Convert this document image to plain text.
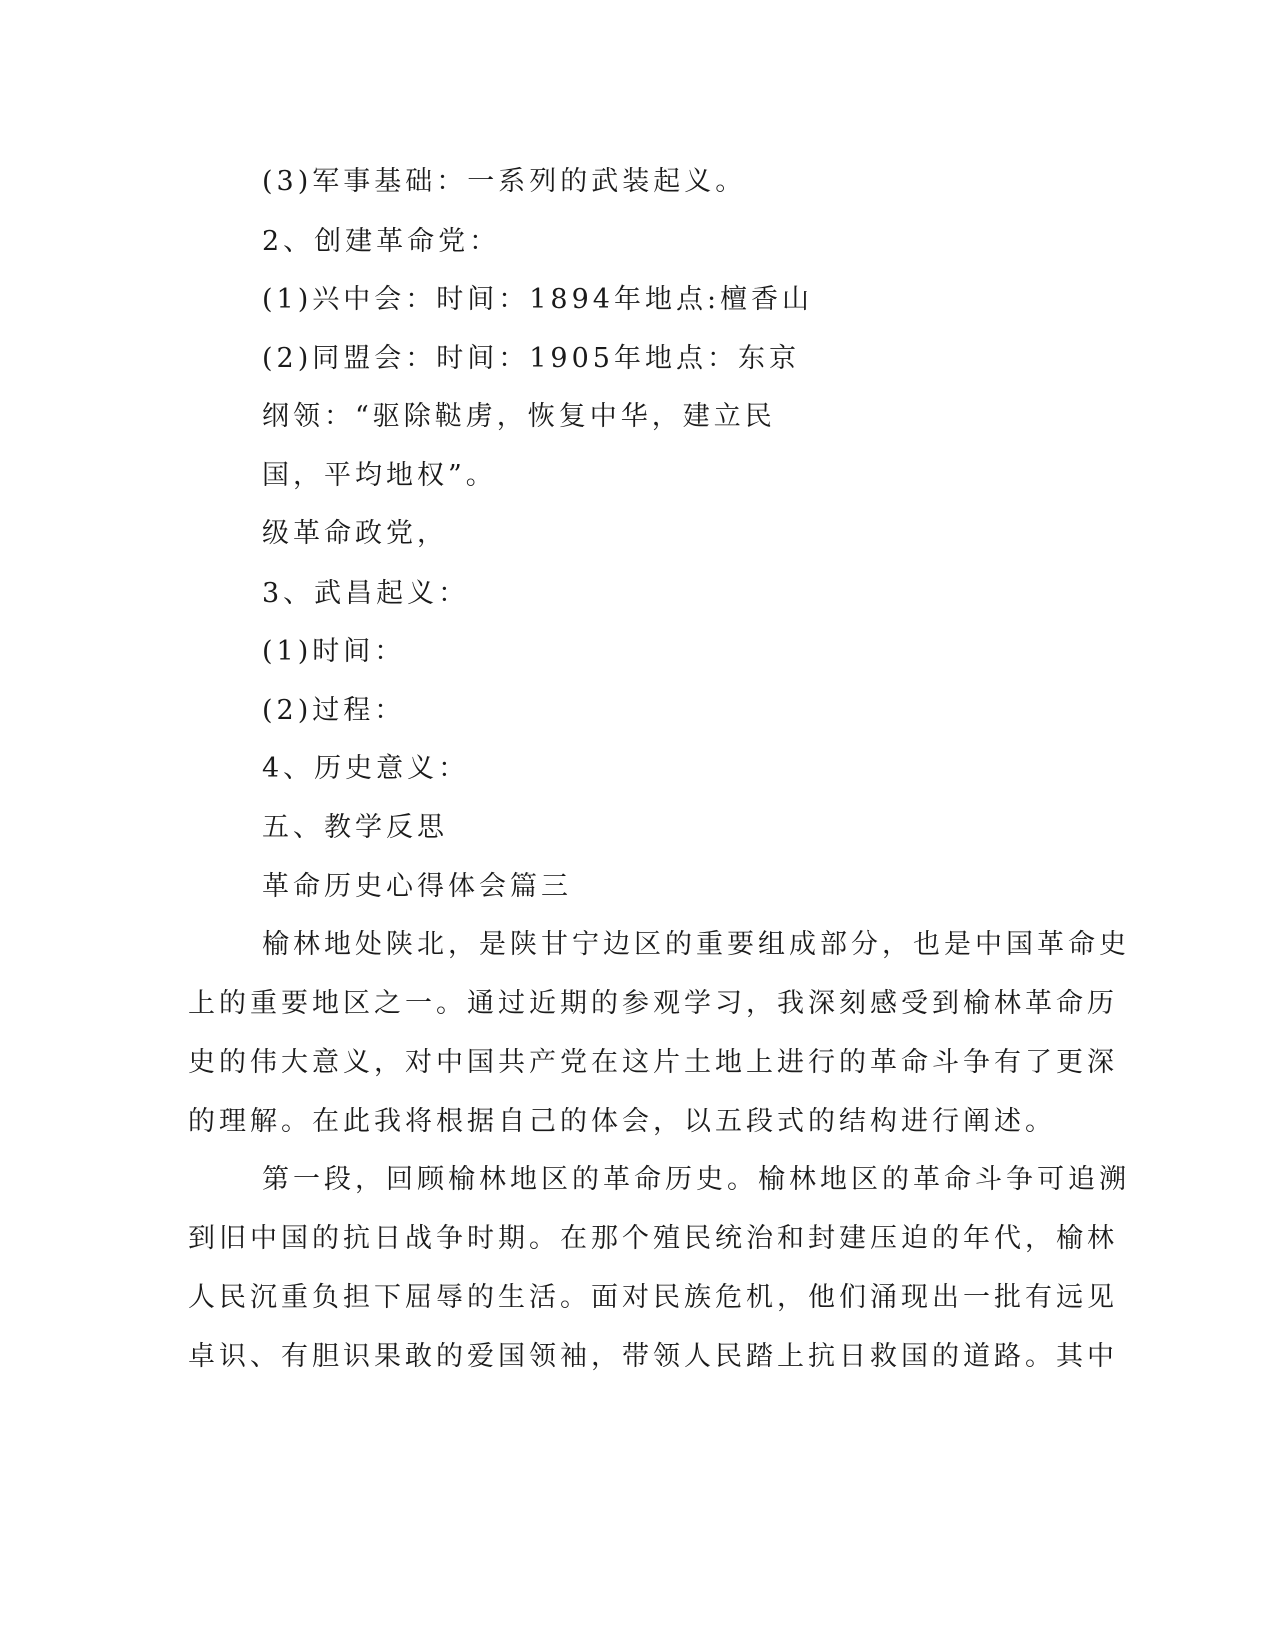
(3)军事基础：一系列的武装起义。
2、创建革命党：
(1)兴中会：时间：1894年地点:檀香山
(2)同盟会：时间：1905年地点：东京
纲领：“驱除鞑虏，恢复中华，建立民
国，平均地权”。
级革命政党，
3、武昌起义：
(1)时间：
(2)过程：
4、历史意义：
五、教学反思
革命历史心得体会篇三
榆林地处陕北，是陕甘宁边区的重要组成部分，也是中国革命史
上的重要地区之一。通过近期的参观学习，我深刻感受到榆林革命历
史的伟大意义，对中国共产党在这片土地上进行的革命斗争有了更深
的理解。在此我将根据自己的体会，以五段式的结构进行阐述。
第一段，回顾榆林地区的革命历史。榆林地区的革命斗争可追溯
到旧中国的抗日战争时期。在那个殖民统治和封建压迫的年代，榆林
人民沉重负担下屈辱的生活。面对民族危机，他们涌现出一批有远见
卓识、有胆识果敢的爱国领袖，带领人民踏上抗日救国的道路。其中
